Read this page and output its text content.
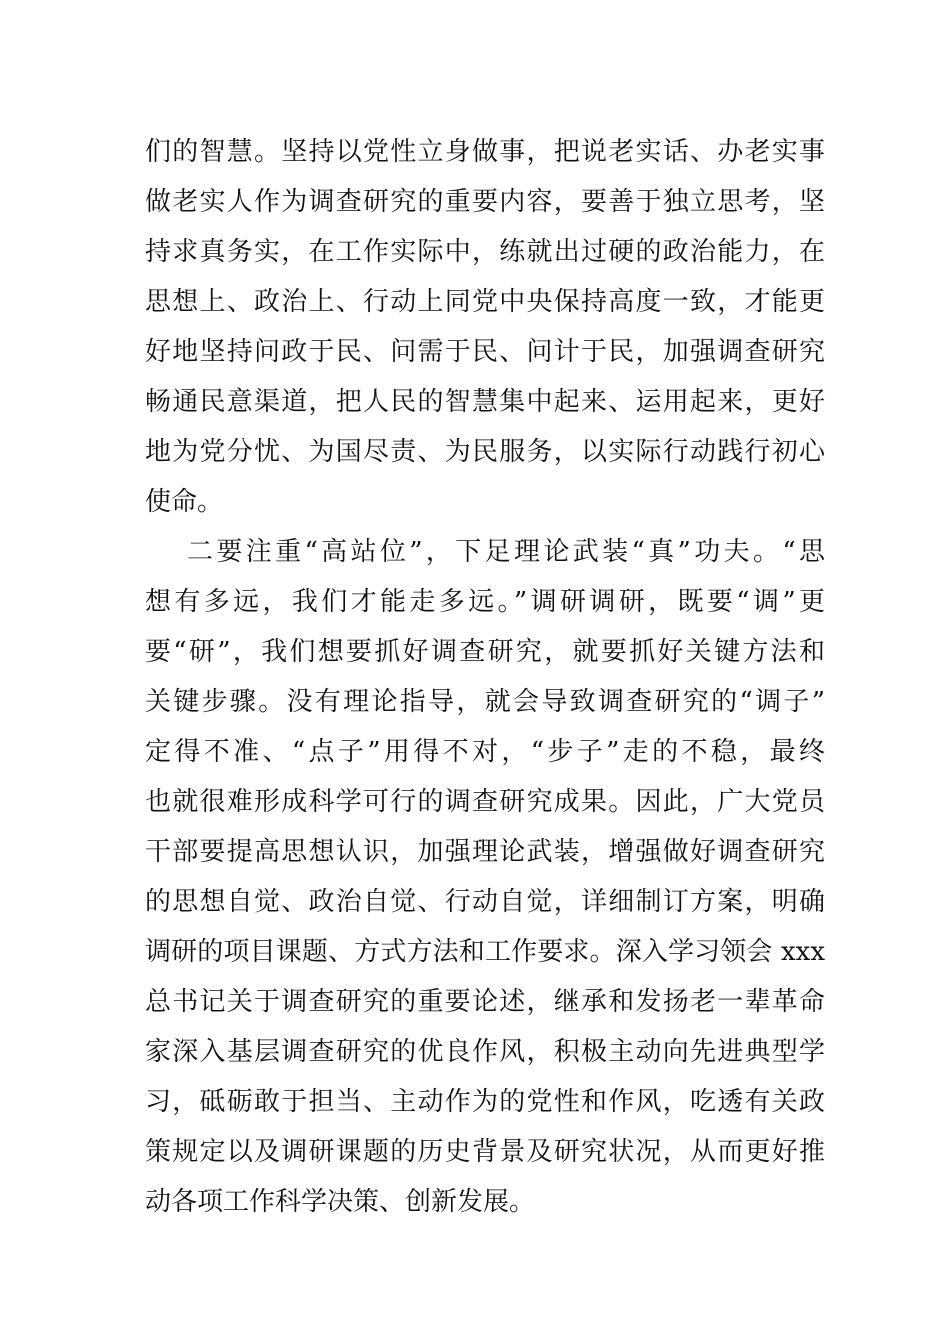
们的智慧。坚持以党性立身做事，把说老实话、办老实事
做老实人作为调查研究的重要内容，要善于独立思考，坚
持求真务实，在工作实际中，练就出过硬的政治能力，在
思想上、政治上、行动上同党中央保持高度一致，才能更
好地坚持问政于民、问需于民、问计于民，加强调查研究
畅通民意渠道，把人民的智慧集中起来、运用起来，更好
地为党分忧、为国尽责、为民服务，以实际行动践行初心
使命。
二要注重“高站位”，下足理论武装“真”功夫。“思
想有多远，我们才能走多远。”调研调研，既要“调”更
要“研”，我们想要抓好调查研究，就要抓好关键方法和
关键步骤。没有理论指导，就会导致调查研究的“调子”
定得不准、“点子”用得不对，“步子”走的不稳，最终
也就很难形成科学可行的调查研究成果。因此，广大党员
干部要提高思想认识，加强理论武装，增强做好调查研究
的思想自觉、政治自觉、行动自觉，详细制订方案，明确
调研的项目课题、方式方法和工作要求。深入学习领会 xxx
总书记关于调查研究的重要论述，继承和发扬老一辈革命
家深入基层调查研究的优良作风，积极主动向先进典型学
习，砥砺敢于担当、主动作为的党性和作风，吃透有关政
策规定以及调研课题的历史背景及研究状况，从而更好推
动各项工作科学决策、创新发展。
